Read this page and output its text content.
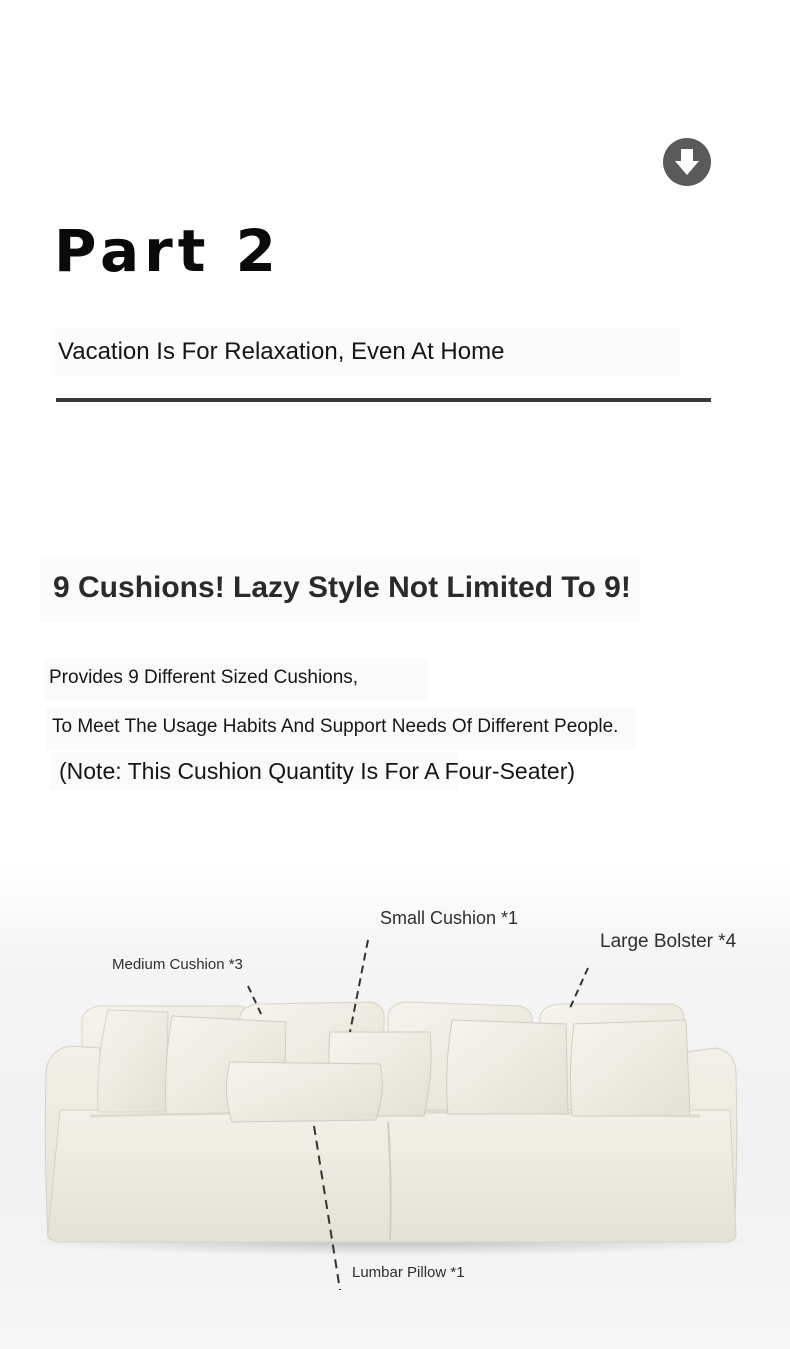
Part 2
Vacation Is For Relaxation, Even At Home
9 Cushions! Lazy Style Not Limited To 9!
Provides 9 Different Sized Cushions,
To Meet The Usage Habits And Support Needs Of Different People.
(Note: This Cushion Quantity Is For A Four-Seater)
Medium Cushion *3
Small Cushion *1
Large Bolster *4
Lumbar Pillow *1
